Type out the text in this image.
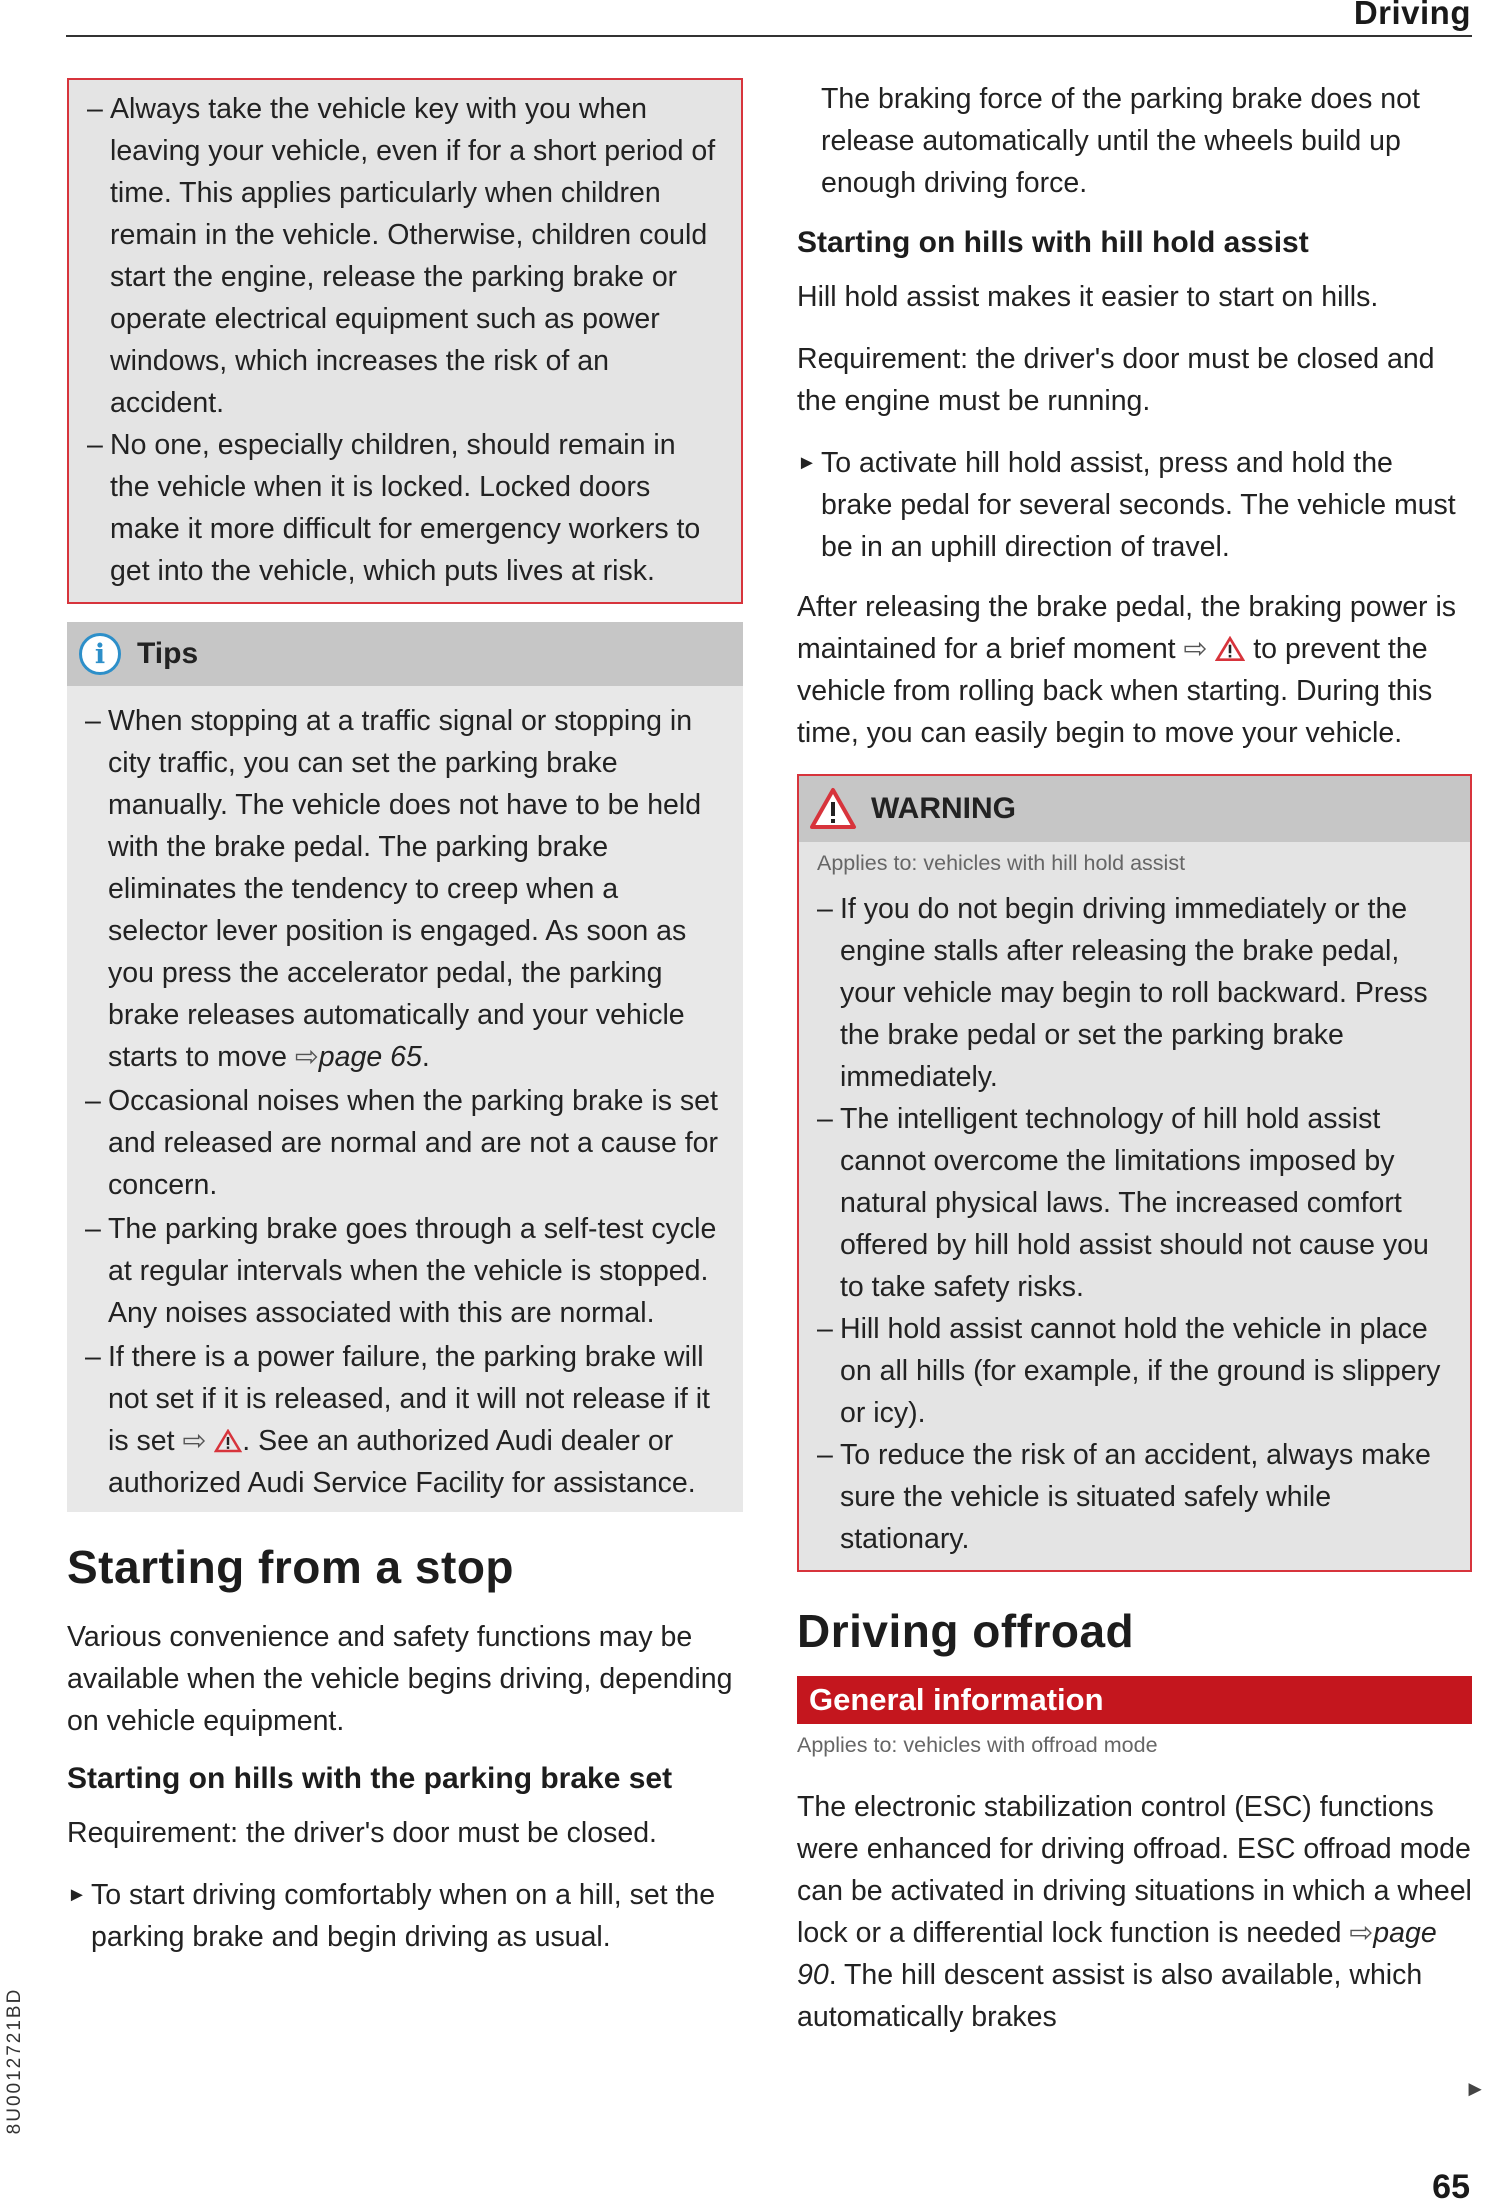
Driving
– Always take the vehicle key with you when leaving your vehicle, even if for a short period of time. This applies particularly when children remain in the vehicle. Otherwise, children could start the engine, release the parking brake or operate electrical equipment such as power windows, which increases the risk of an accident.
– No one, especially children, should remain in the vehicle when it is locked. Locked doors make it more difficult for emergency workers to get into the vehicle, which puts lives at risk.
i	Tips
– When stopping at a traffic signal or stopping in city traffic, you can set the parking brake manually. The vehicle does not have to be held with the brake pedal. The parking brake eliminates the tendency to creep when a selector lever position is engaged. As soon as you press the accelerator pedal, the parking brake releases automatically and your vehicle starts to move ⇨page 65.
– Occasional noises when the parking brake is set and released are normal and are not a cause for concern.
– The parking brake goes through a self-test cycle at regular intervals when the vehicle is stopped. Any noises associated with this are normal.
– If there is a power failure, the parking brake will not set if it is released, and it will not release if it is set ⇨ . See an authorized Audi dealer or authorized Audi Service Facility for assistance.
Starting from a stop

Various convenience and safety functions may be available when the vehicle begins driving, depending on vehicle equipment.

Starting on hills with the parking brake set

Requirement: the driver's door must be closed.

► To start driving comfortably when on a hill, set the parking brake and begin driving as usual.
The braking force of the parking brake does not release automatically until the wheels build up enough driving force.
Starting on hills with hill hold assist

Hill hold assist makes it easier to start on hills.

Requirement: the driver's door must be closed and the engine must be running.

► To activate hill hold assist, press and hold the brake pedal for several seconds. The vehicle must be in an uphill direction of travel.

After releasing the brake pedal, the braking power is maintained for a brief moment ⇨ to prevent the vehicle from rolling back when starting. During this time, you can easily begin to move your vehicle.

WARNING

Applies to: vehicles with hill hold assist

– If you do not begin driving immediately or the engine stalls after releasing the brake pedal, your vehicle may begin to roll backward. Press the brake pedal or set the parking brake immediately.
– The intelligent technology of hill hold assist cannot overcome the limitations imposed by natural physical laws. The increased comfort offered by hill hold assist should not cause you to take safety risks.
– Hill hold assist cannot hold the vehicle in place on all hills (for example, if the ground is slippery or icy).
– To reduce the risk of an accident, always make sure the vehicle is situated safely while stationary.
Driving offroad
General information

Applies to: vehicles with offroad mode

The electronic stabilization control (ESC) functions were enhanced for driving offroad. ESC offroad mode can be activated in driving situations in which a wheel lock or a differential lock function is needed ⇨page 90. The hill descent assist is also available, which automatically brakes

8U0012721BD	►
65
